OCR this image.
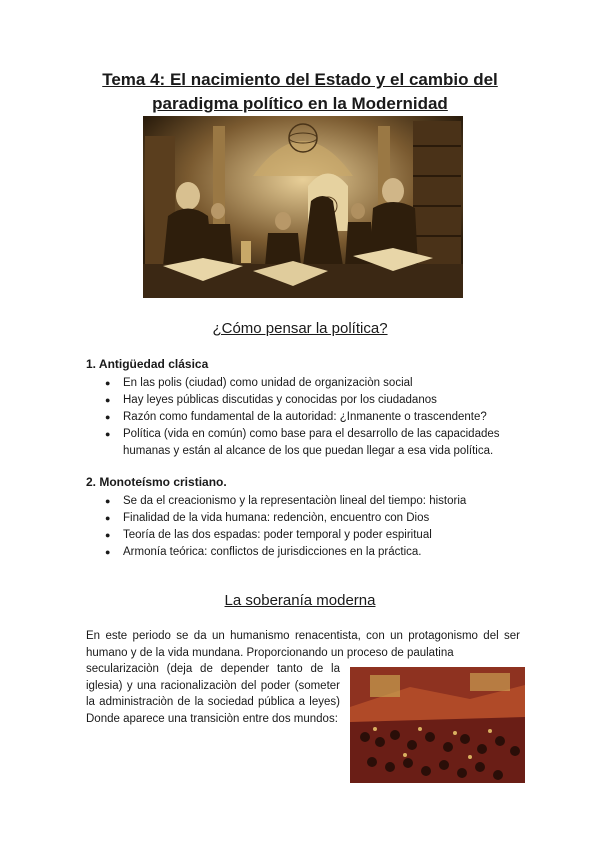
Tema 4: El nacimiento del Estado y el cambio del paradigma político en la Modernidad
¿Cómo pensar la política?
1. Antigüedad clásica
● En las polis (ciudad) como unidad de organizaciòn social
● Hay leyes públicas discutidas y conocidas por los ciudadanos
● Razón como fundamental de la autoridad: ¿Inmanente o trascendente?
● Política (vida en común) como base para el desarrollo de las capacidades humanas y están al alcance de los que puedan llegar a esa vida política.
2. Monoteísmo cristiano.
● Se da el creacionismo y la representaciòn lineal del tiempo: historia
● Finalidad de la vida humana: redenciòn, encuentro con Dios
● Teoría de las dos espadas: poder temporal y poder espiritual
● Armonía teórica: conflictos de jurisdicciones en la práctica.
La soberanía moderna
En este periodo se da un humanismo renacentista, con un protagonismo del ser humano y de la vida mundana. Proporcionando un proceso de paulatina
secularizaciòn (deja de depender tanto de la iglesia) y una racionalizaciòn del poder (someter la administraciòn de la sociedad pública a leyes) Donde aparece una transiciòn entre dos mundos:
